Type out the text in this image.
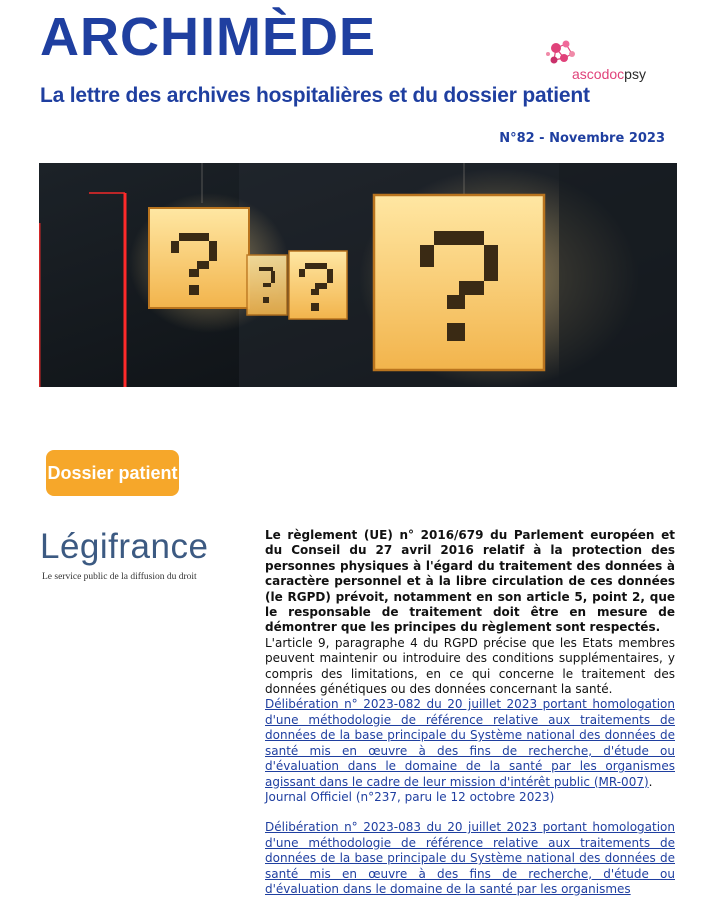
ARCHIMÈDE
La lettre des archives hospitalières et du dossier patient
ascodocpsy
N°82 - Novembre 2023
Dossier patient
Légifrance
Le service public de la diffusion du droit

Le règlement (UE) n° 2016/679 du Parlement européen et du Conseil du 27 avril 2016 relatif à la protection des personnes physiques à l'égard du traitement des données à caractère personnel et à la libre circulation de ces données (le RGPD) prévoit, notamment en son article 5, point 2, que le responsable de traitement doit être en mesure de démontrer que les principes du règlement sont respectés.

L'article 9, paragraphe 4 du RGPD précise que les Etats membres peuvent maintenir ou introduire des conditions supplémentaires, y compris des limitations, en ce qui concerne le traitement des données génétiques ou des données concernant la santé.

Délibération n° 2023-082 du 20 juillet 2023 portant homologation d'une méthodologie de référence relative aux traitements de données de la base principale du Système national des données de santé mis en œuvre à des fins de recherche, d'étude ou d'évaluation dans le domaine de la santé par les organismes agissant dans le cadre de leur mission d'intérêt public (MR-007).

Journal Officiel (n°237, paru le 12 octobre 2023)

Délibération n° 2023-083 du 20 juillet 2023 portant homologation d'une méthodologie de référence relative aux traitements de données de la base principale du Système national des données de santé mis en œuvre à des fins de recherche, d'étude ou d'évaluation dans le domaine de la santé par les organismes
